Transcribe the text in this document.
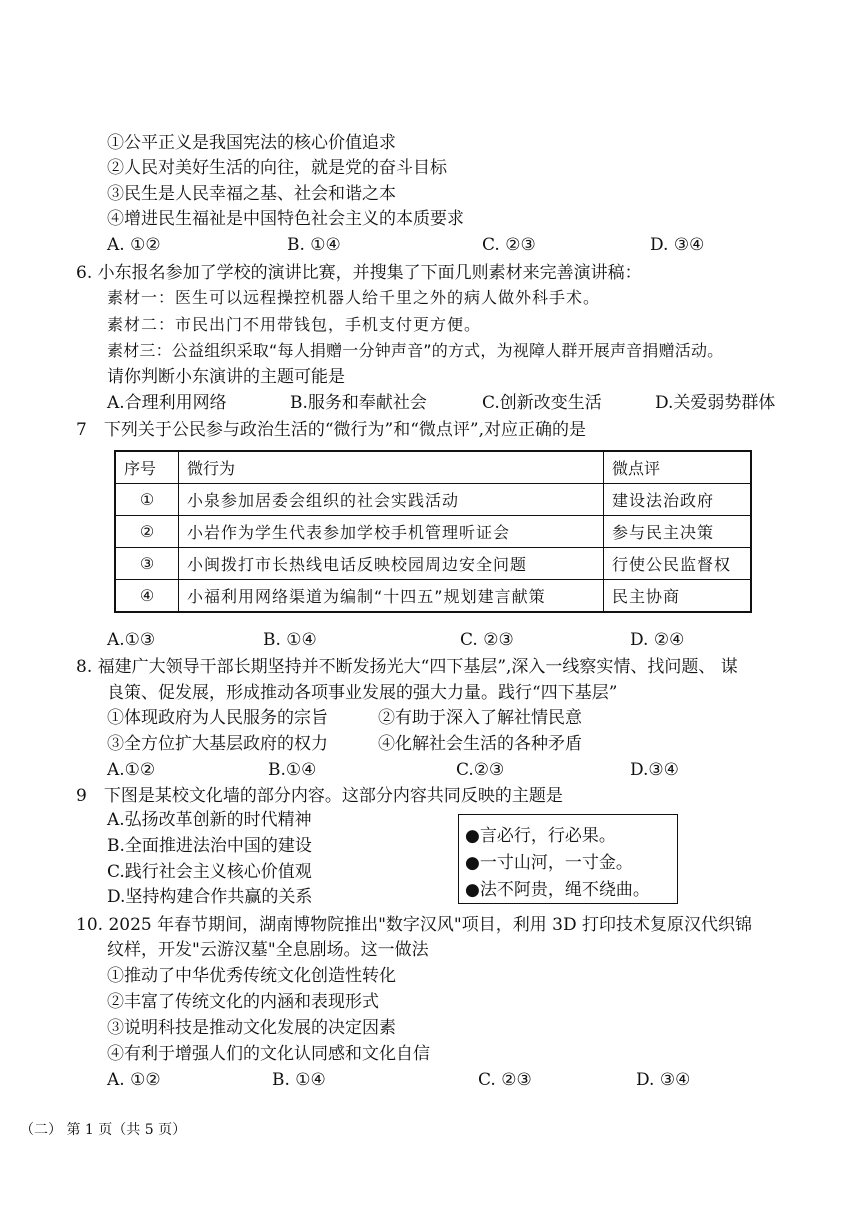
①公平正义是我国宪法的核心价值追求
②人民对美好生活的向往，就是党的奋斗目标
③民生是人民幸福之基、社会和谐之本
④增进民生福祉是中国特色社会主义的本质要求
A. ①②	B. ①④	C. ②③	D. ③④
6. 小东报名参加了学校的演讲比赛，并搜集了下面几则素材来完善演讲稿：
素材一：医生可以远程操控机器人给千里之外的病人做外科手术。
素材二：市民出门不用带钱包，手机支付更方便。
素材三：公益组织采取“每人捐赠一分钟声音”的方式，为视障人群开展声音捐赠活动。
请你判断小东演讲的主题可能是
A.合理利用网络	B.服务和奉献社会	C.创新改变生活	D.关爱弱势群体
7　下列关于公民参与政治生活的“微行为”和“微点评”,对应正确的是
序号	微行为	微点评
①	小泉参加居委会组织的社会实践活动	建设法治政府
②	小岩作为学生代表参加学校手机管理听证会	参与民主决策
③	小闽拨打市长热线电话反映校园周边安全问题	行使公民监督权
④	小福利用网络渠道为编制“十四五”规划建言献策	民主协商
A.①③	B. ①④	C. ②③	D. ②④
8. 福建广大领导干部长期坚持并不断发扬光大“四下基层”,深入一线察实情、找问题、 谋
良策、促发展，形成推动各项事业发展的强大力量。践行“四下基层”
①体现政府为人民服务的宗旨	②有助于深入了解社情民意
③全方位扩大基层政府的权力	④化解社会生活的各种矛盾
A.①②	B.①④	C.②③	D.③④
9　下图是某校文化墙的部分内容。这部分内容共同反映的主题是
A.弘扬改革创新的时代精神
B.全面推进法治中国的建设
C.践行社会主义核心价值观
D.坚持构建合作共赢的关系
●言必行，行必果。
●一寸山河，一寸金。
●法不阿贵，绳不绕曲。
10. 2025 年春节期间，湖南博物院推出"数字汉风"项目，利用 3D 打印技术复原汉代织锦
纹样，开发"云游汉墓"全息剧场。这一做法
①推动了中华优秀传统文化创造性转化
②丰富了传统文化的内涵和表现形式
③说明科技是推动文化发展的决定因素
④有利于增强人们的文化认同感和文化自信
A. ①②	B. ①④	C. ②③	D. ③④
（二） 第 1 页（共 5 页）
